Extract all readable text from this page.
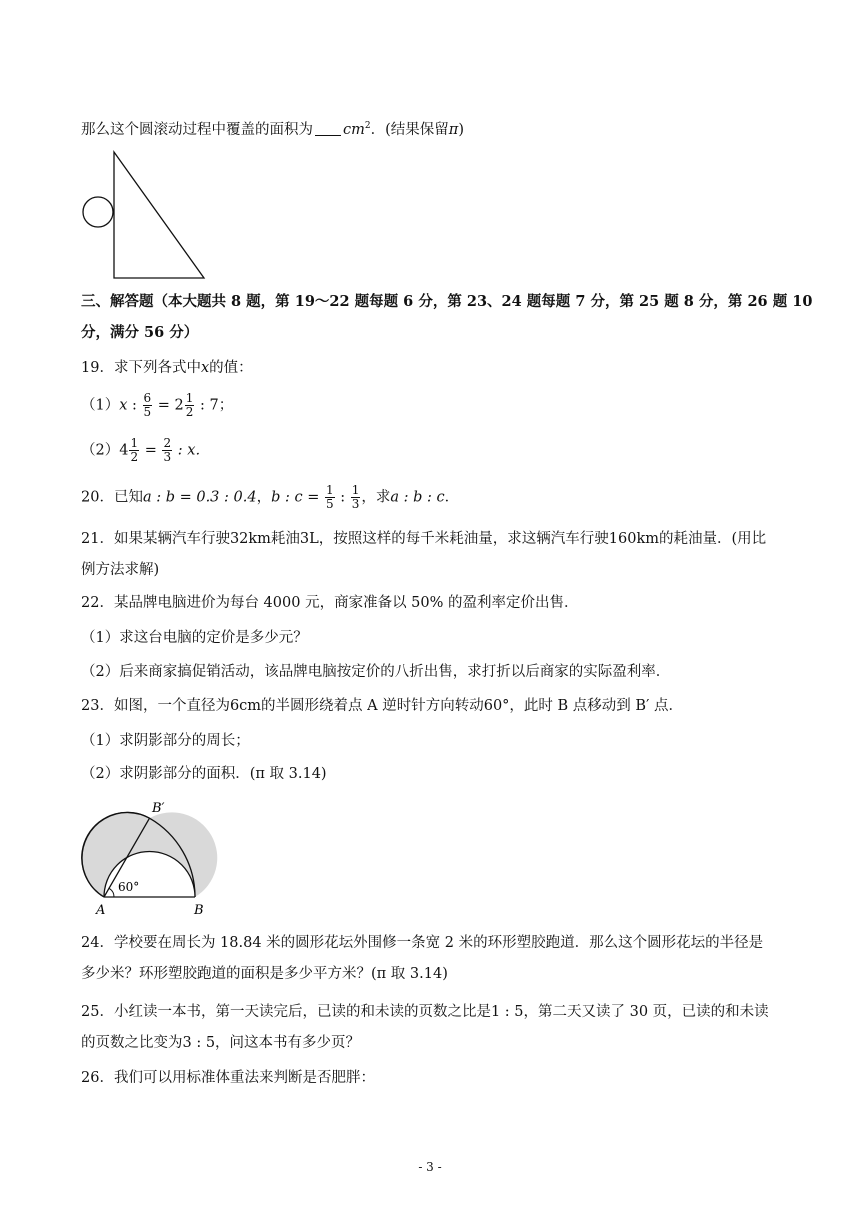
那么这个圆滚动过程中覆盖的面积为 $cm^2$．(结果保留π)
三、解答题（本大题共 8 题，第 19～22 题每题 6 分，第 23、24 题每题 7 分，第 25 题 8 分，第 26 题 10
分，满分 56 分）
19．求下列各式中x的值：
（1）x : $\frac{6}{5} = 2 \frac{1}{2}$ : 7；
$(2)4 \frac{1}{2} = \frac{2}{3}$ : x．
20．已知a : b = 0.3 : 0.4，b : $c = \frac{1}{5}$ : $\frac{1}{3}$ ，求a : b : c．
21．如果某辆汽车行驶32km耗油3L，按照这样的每千米耗油量，求这辆汽车行驶160km的耗油量．(用比
例方法求解)
22．某品牌电脑进价为每台 4000 元，商家准备以 50% 的盈利率定价出售．
（1）求这台电脑的定价是多少元？
（2）后来商家搞促销活动，该品牌电脑按定价的八折出售，求打折以后商家的实际盈利率．
23．如图，一个直径为6cm的半圆形绕着点 A 逆时针方向转动60°，此时 B 点移动到 B′ 点．
（1）求阴影部分的周长；
（2）求阴影部分的面积．(π 取 3.14)
60°
A	B
B′
24．学校要在周长为 18.84 米的圆形花坛外围修一条宽 2 米的环形塑胶跑道．那么这个圆形花坛的半径是
多少米？环形塑胶跑道的面积是多少平方米？(π 取 3.14)
25．小红读一本书，第一天读完后，已读的和未读的页数之比是1 : 5，第二天又读了 30 页，已读的和未读
的页数之比变为3 : 5，问这本书有多少页？
26．我们可以用标准体重法来判断是否肥胖：
- 3 -
